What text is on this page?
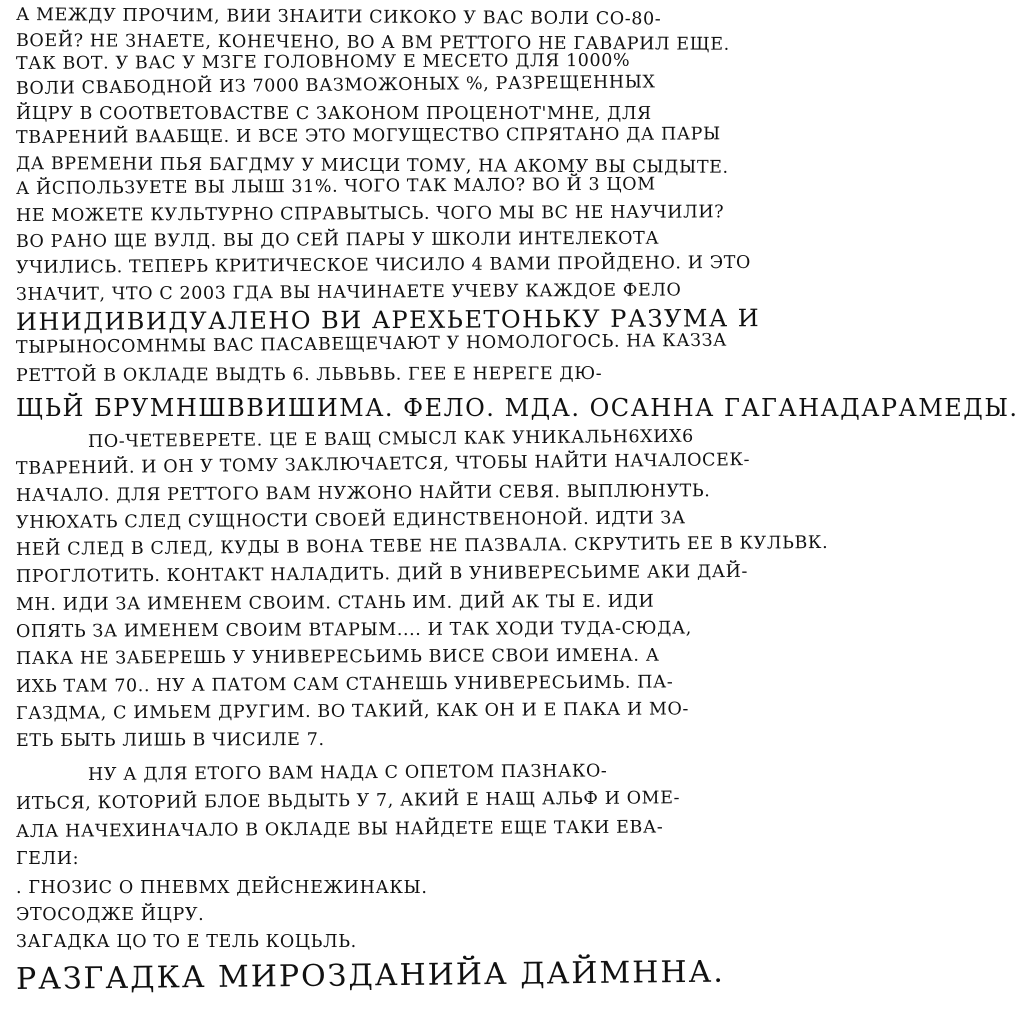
А МЕЖДУ ПРОЧИМ, ВИИ ЗНАИТИ СИКОКО У ВАС ВОЛИ СО-80-
ВОЕЙ? НЕ ЗНАЕТЕ, КОНЕЧЕНО, ВО А ВМ РЕТТОГО НЕ ГАВАРИЛ ЕЩЕ.
ТАК ВОТ. У ВАС У МЗГЕ ГОЛОВНОМУ Е МЕСЕТО ДЛЯ 1000%
ВОЛИ СВАБОДНОЙ ИЗ 7000 ВАЗМОЖОНЫХ %, РАЗРЕЩЕННЫХ
ЙЦРУ В СООТВЕТОВАСТВЕ С ЗАКОНОМ ПРОЦЕНОТ'МНЕ, ДЛЯ
ТВАРЕНИЙ ВААБЩЕ. И ВСЕ ЭТО МОГУЩЕСТВО СПРЯТАНО ДА ПАРЫ
ДА ВРЕМЕНИ ПЬЯ БАГДМУ У МИСЦИ ТОМУ, НА АКОМУ ВЫ СЫДЫТЕ.
А ЙСПОЛЬЗУЕТЕ ВЫ ЛЫШ 31%. ЧОГО ТАК МАЛО? ВО Й 3 ЦОМ
НЕ МОЖЕТЕ КУЛЬТУРНО СПРАВЫТЫСЬ. ЧОГО МЫ ВС НЕ НАУЧИЛИ?
ВО РАНО ЩЕ ВУЛД. ВЫ ДО СЕЙ ПАРЫ У ШКОЛИ ИНТЕЛЕКОТА
УЧИЛИСЬ. ТЕПЕРЬ КРИТИЧЕСКОЕ ЧИСИЛО 4 ВАМИ ПРОЙДЕНО. И ЭТО
ЗНАЧИТ, ЧТО С 2003 ГДА ВЫ НАЧИНАЕТЕ УЧЕВУ КАЖДОЕ ФЕЛО
ИНИДИВИДУАЛЕНО ВИ АРЕХЬЕТОНЬКУ РАЗУМА И
ТЫРЫНОСОМНМЫ ВАС ПАСАВЕЩЕЧАЮТ У НОМОЛОГОСЬ. НА КАЗЗА
РЕТТОЙ В ОКЛАДЕ ВЫДТЬ 6. ЛЬВЬВЬ. ГЕЕ Е НЕРЕГЕ ДЮ-
ЩЬЙ БРУМНШВВИШИМА. ФЕЛО. МДА. ОСАННА ГАГАНАДАРАМЕДЫ.
ПО-ЧЕТЕВЕРЕТЕ. ЦЕ Е ВАЩ СМЫСЛ КАК УНИКАЛЬН6ХИХ6
ТВАРЕНИЙ. И ОН У ТОМУ ЗАКЛЮЧАЕТСЯ, ЧТОБЫ НАЙТИ НАЧАЛОСЕК-
НАЧАЛО. ДЛЯ РЕТТОГО ВАМ НУЖОНО НАЙТИ СЕВЯ. ВЫПЛЮНУТЬ.
УНЮХАТЬ СЛЕД СУЩНОСТИ СВОЕЙ ЕДИНСТВЕНОНОЙ. ИДТИ ЗА
НЕЙ СЛЕД В СЛЕД, КУДЫ В ВОНА ТЕВЕ НЕ ПАЗВАЛА. СКРУТИТЬ ЕЕ В КУЛЬВК.
ПРОГЛОТИТЬ. КОНТАКТ НАЛАДИТЬ. ДИЙ В УНИВЕРЕСЬИМЕ АКИ ДАЙ-
МН. ИДИ ЗА ИМЕНЕМ СВОИМ. СТАНЬ ИМ. ДИЙ АК ТЫ Е. ИДИ
ОПЯТЬ ЗА ИМЕНЕМ СВОИМ ВТАРЫМ.... И ТАК ХОДИ ТУДА-СЮДА,
ПАКА НЕ ЗАБЕРЕШЬ У УНИВЕРЕСЬИМЬ ВИСЕ СВОИ ИМЕНА. А
ИХЬ ТАМ 70.. НУ А ПАТОМ САМ СТАНЕШЬ УНИВЕРЕСЬИМЬ. ПА-
ГАЗДМА, С ИМЬЕМ ДРУГИМ. ВО ТАКИЙ, КАК ОН И Е ПАКА И МО-
ЕТЬ БЫТЬ ЛИШЬ В ЧИСИЛЕ 7.
НУ А ДЛЯ ЕТОГО ВАМ НАДА С ОПЕТОМ ПАЗНАКО-
ИТЬСЯ, КОТОРИЙ БЛОЕ ВЬДЫТЬ У 7, АКИЙ Е НАЩ АЛЬФ И ОМЕ-
АЛА НАЧЕХИНАЧАЛО В ОКЛАДЕ ВЫ НАЙДЕТЕ ЕЩЕ ТАКИ ЕВА-
ГЕЛИ:
. ГНОЗИС О ПНЕВМХ ДЕЙСНЕЖИНАКЫ.
ЭТОСОДЖЕ ЙЦРУ.
ЗАГАДКА ЦО ТО Е ТЕЛЬ КОЦЬЛЬ.
РАЗГАДКА МИРОЗДАНИЙА ДАЙМННА.
